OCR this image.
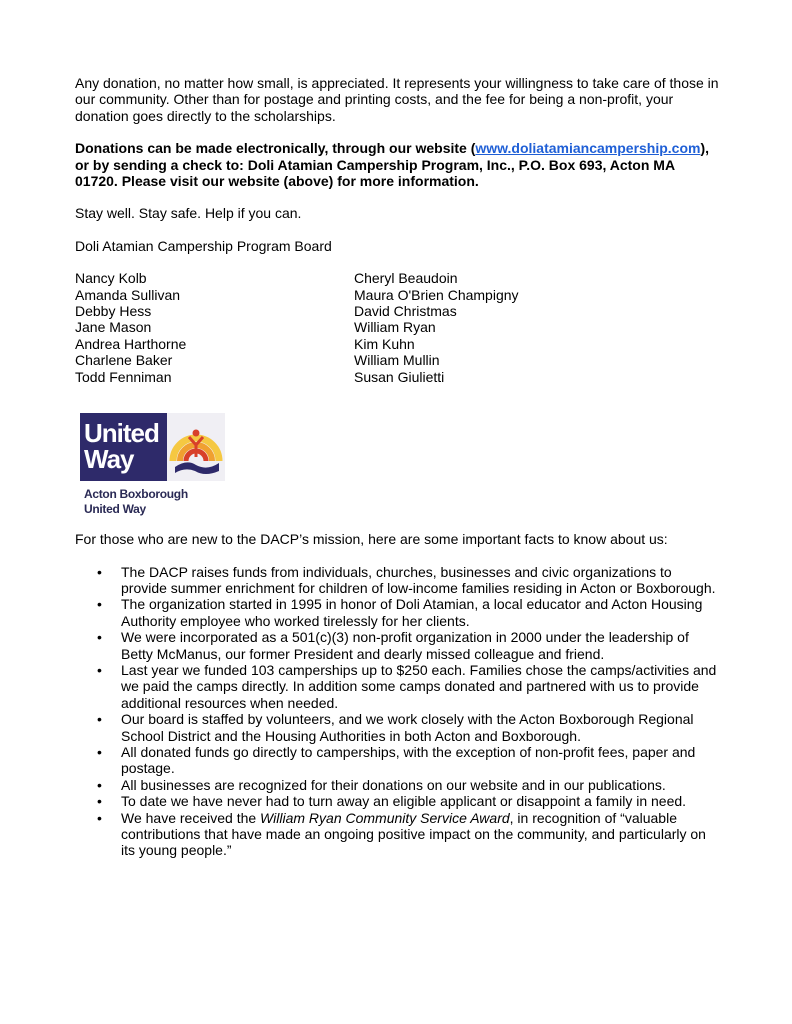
Any donation, no matter how small, is appreciated. It represents your willingness to take care of those in our community. Other than for postage and printing costs, and the fee for being a non-profit, your donation goes directly to the scholarships.

Donations can be made electronically, through our website (www.doliatamiancampership.com), or by sending a check to: Doli Atamian Campership Program, Inc., P.O. Box 693, Acton MA 01720. Please visit our website (above) for more information.

Stay well. Stay safe. Help if you can.

Doli Atamian Campership Program Board

Nancy Kolb
Amanda Sullivan
Debby Hess
Jane Mason
Andrea Harthorne
Charlene Baker
Todd Fenniman
Cheryl Beaudoin
Maura O'Brien Champigny
David Christmas
William Ryan
Kim Kuhn
William Mullin
Susan Giulietti
United
Way
Acton Boxborough
United Way

For those who are new to the DACP’s mission, here are some important facts to know about us:

• The DACP raises funds from individuals, churches, businesses and civic organizations to provide summer enrichment for children of low-income families residing in Acton or Boxborough.
• The organization started in 1995 in honor of Doli Atamian, a local educator and Acton Housing Authority employee who worked tirelessly for her clients.
• We were incorporated as a 501(c)(3) non-profit organization in 2000 under the leadership of Betty McManus, our former President and dearly missed colleague and friend.
• Last year we funded 103 camperships up to $250 each. Families chose the camps/activities and we paid the camps directly. In addition some camps donated and partnered with us to provide additional resources when needed.
• Our board is staffed by volunteers, and we work closely with the Acton Boxborough Regional School District and the Housing Authorities in both Acton and Boxborough.
• All donated funds go directly to camperships, with the exception of non-profit fees, paper and postage.
• All businesses are recognized for their donations on our website and in our publications.
• To date we have never had to turn away an eligible applicant or disappoint a family in need.
• We have received the William Ryan Community Service Award, in recognition of “valuable contributions that have made an ongoing positive impact on the community, and particularly on its young people.”
